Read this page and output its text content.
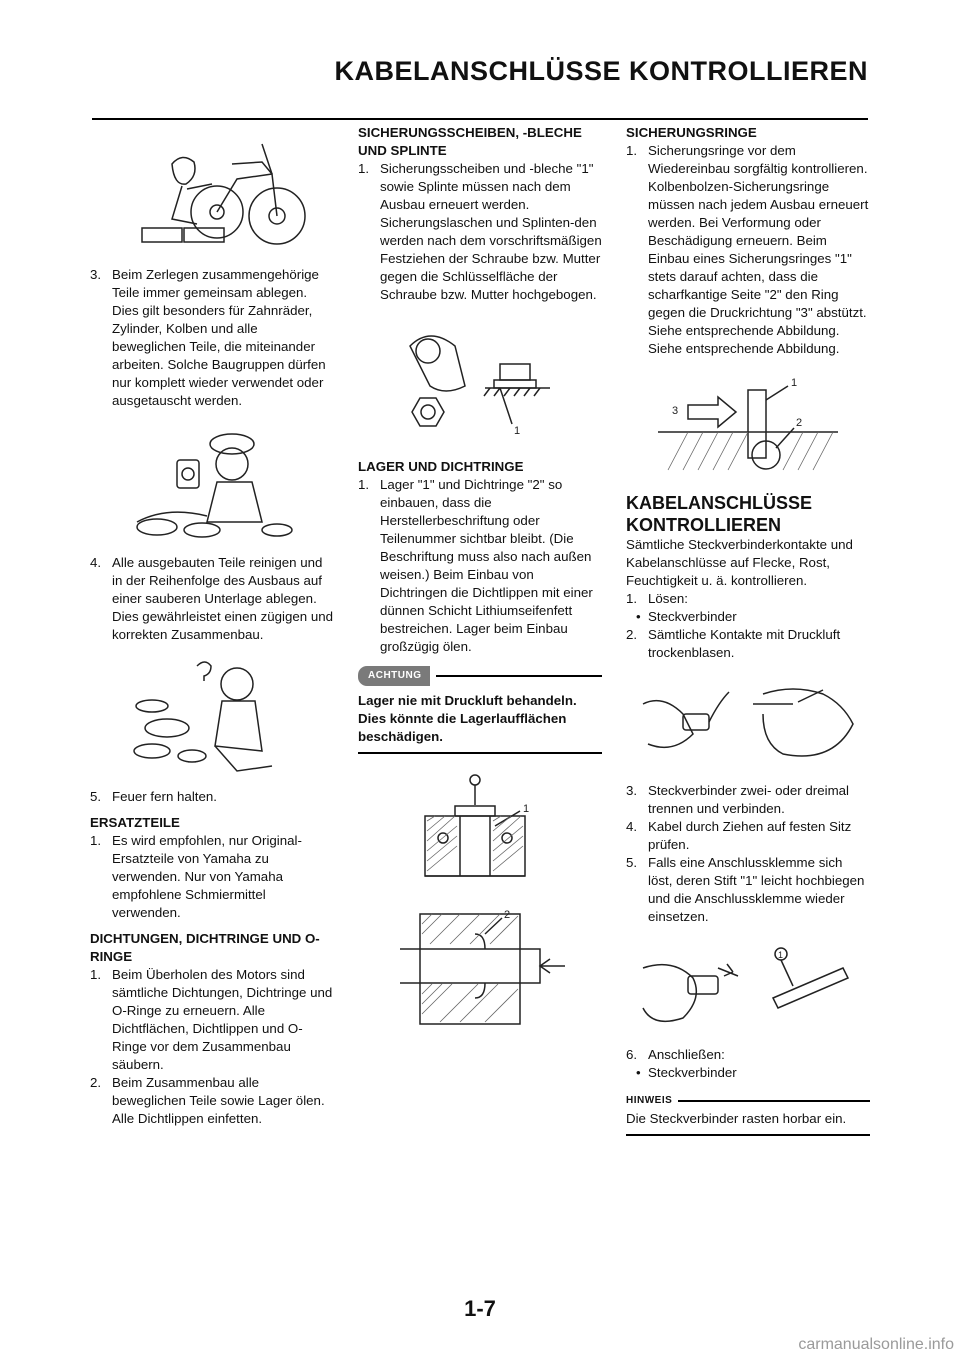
KABELANSCHLÜSSE KONTROLLIEREN
3. Beim Zerlegen zusammengehörige Teile immer gemeinsam ablegen. Dies gilt besonders für Zahnräder, Zylinder, Kolben und alle beweglichen Teile, die miteinander arbeiten. Solche Baugruppen dürfen nur komplett wieder verwendet oder ausgetauscht werden.
4. Alle ausgebauten Teile reinigen und in der Reihenfolge des Ausbaus auf einer sauberen Unterlage ablegen. Dies gewährleistet einen zügigen und korrekten Zusammenbau.
5. Feuer fern halten.

ERSATZTEILE

1. Es wird empfohlen, nur Original-Ersatzteile von Yamaha zu verwenden. Nur von Yamaha empfohlene Schmiermittel verwenden.

DICHTUNGEN, DICHTRINGE UND O-RINGE

1. Beim Überholen des Motors sind sämtliche Dichtungen, Dichtringe und O-Ringe zu erneuern. Alle Dichtflächen, Dichtlippen und O-Ringe vor dem Zusammenbau säubern.
2. Beim Zusammenbau alle beweglichen Teile sowie Lager ölen. Alle Dichtlippen einfetten.

SICHERUNGSSCHEIBEN, -BLECHE UND SPLINTE

1. Sicherungsscheiben und -bleche "1" sowie Splinte müssen nach dem Ausbau erneuert werden. Sicherungslaschen und Splinten-den werden nach dem vorschriftsmäßigen Festziehen der Schraube bzw. Mutter gegen die Schlüsselfläche der Schraube bzw. Mutter hochgebogen.
1

LAGER UND DICHTRINGE

1. Lager "1" und Dichtringe "2" so einbauen, dass die Herstellerbeschriftung oder Teilenummer sichtbar bleibt. (Die Beschriftung muss also nach außen weisen.) Beim Einbau von Dichtringen die Dichtlippen mit einer dünnen Schicht Lithiumseifenfett bestreichen. Lager beim Einbau großzügig ölen.
ACHTUNG

Lager nie mit Druckluft behandeln. Dies könnte die Lagerlaufflächen beschädigen.

1
2

SICHERUNGSRINGE

1. Sicherungsringe vor dem Wiedereinbau sorgfältig kontrollieren. Kolbenbolzen-Sicherungsringe müssen nach jedem Ausbau erneuert werden. Bei Verformung oder Beschädigung erneuern. Beim Einbau eines Sicherungsringes "1" stets darauf achten, dass die scharfkantige Seite "2" den Ring gegen die Druckrichtung "3" abstützt. Siehe entsprechende Abbildung. Siehe entsprechende Abbildung.
1
2
3

KABELANSCHLÜSSE KONTROLLIEREN

Sämtliche Steckverbinderkontakte und Kabelanschlüsse auf Flecke, Rost, Feuchtigkeit u. ä. kontrollieren.

1. Lösen:
• Steckverbinder
2. Sämtliche Kontakte mit Druckluft trockenblasen.
3. Steckverbinder zwei- oder dreimal trennen und verbinden.
4. Kabel durch Ziehen auf festen Sitz prüfen.
5. Falls eine Anschlussklemme sich löst, deren Stift "1" leicht hochbiegen und die Anschlussklemme wieder einsetzen.
1
6. Anschließen:
• Steckverbinder
HINWEIS

Die Steckverbinder rasten horbar ein.

1-7
carmanualsonline.info
